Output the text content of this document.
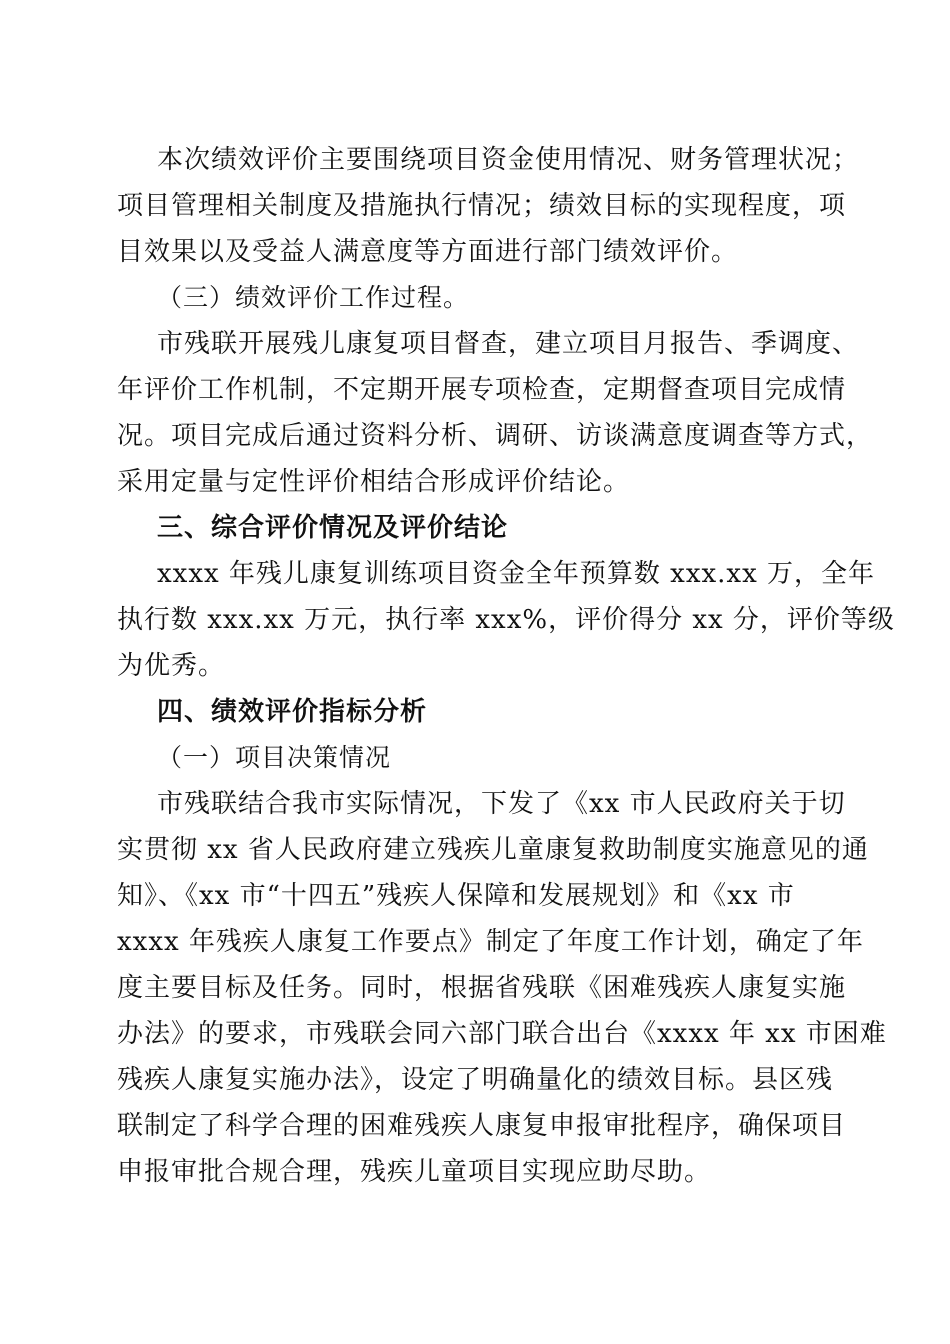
本次绩效评价主要围绕项目资金使用情况、财务管理状况；
项目管理相关制度及措施执行情况；绩效目标的实现程度，项
目效果以及受益人满意度等方面进行部门绩效评价。
（三）绩效评价工作过程。
市残联开展残儿康复项目督查，建立项目月报告、季调度、
年评价工作机制，不定期开展专项检查，定期督查项目完成情
况。项目完成后通过资料分析、调研、访谈满意度调查等方式，
采用定量与定性评价相结合形成评价结论。
三、综合评价情况及评价结论
xxxx 年残儿康复训练项目资金全年预算数 xxx.xx 万，全年
执行数 xxx.xx 万元，执行率 xxx%，评价得分 xx 分，评价等级
为优秀。
四、绩效评价指标分析
（一）项目决策情况
市残联结合我市实际情况，下发了《xx 市人民政府关于切
实贯彻 xx 省人民政府建立残疾儿童康复救助制度实施意见的通
知》、《xx 市“十四五”残疾人保障和发展规划》和《xx 市
xxxx 年残疾人康复工作要点》制定了年度工作计划，确定了年
度主要目标及任务。同时，根据省残联《困难残疾人康复实施
办法》的要求，市残联会同六部门联合出台《xxxx 年 xx 市困难
残疾人康复实施办法》，设定了明确量化的绩效目标。县区残
联制定了科学合理的困难残疾人康复申报审批程序，确保项目
申报审批合规合理，残疾儿童项目实现应助尽助。
